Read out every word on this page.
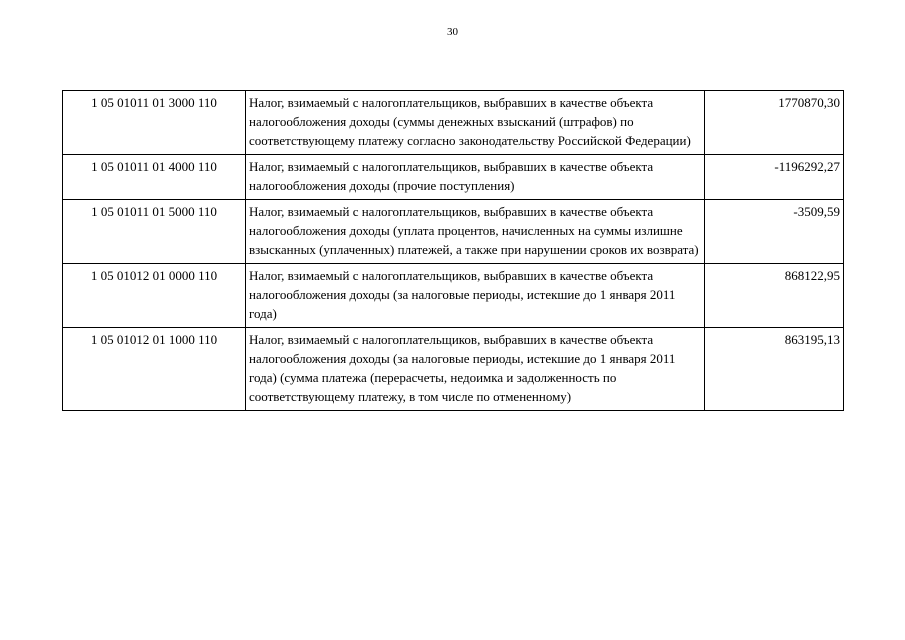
30
1 05 01011 01 3000 110	Налог, взимаемый с налогоплательщиков, выбравших в качестве объекта налогообложения доходы (суммы денежных взысканий (штрафов) по соответствующему платежу согласно законодательству Российской Федерации)	1770870,30
1 05 01011 01 4000 110	Налог, взимаемый с налогоплательщиков, выбравших в качестве объекта налогообложения доходы (прочие поступления)	-1196292,27
1 05 01011 01 5000 110	Налог, взимаемый с налогоплательщиков, выбравших в качестве объекта налогообложения доходы (уплата процентов, начисленных на суммы излишне взысканных (уплаченных) платежей, а также при нарушении сроков их возврата)	-3509,59
1 05 01012 01 0000 110	Налог, взимаемый с налогоплательщиков, выбравших в качестве объекта налогообложения доходы (за налоговые периоды, истекшие до 1 января 2011 года)	868122,95
1 05 01012 01 1000 110	Налог, взимаемый с налогоплательщиков, выбравших в качестве объекта налогообложения доходы (за налоговые периоды, истекшие до 1 января 2011 года) (сумма платежа (перерасчеты, недоимка и задолженность по соответствующему платежу, в том числе по отмененному)	863195,13
